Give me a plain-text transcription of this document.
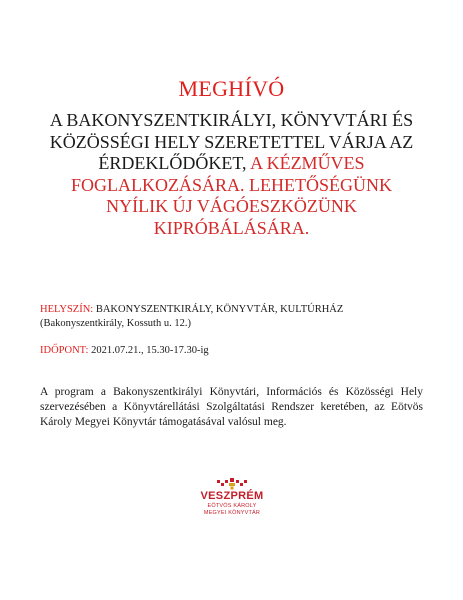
MEGHÍVÓ
A BAKONYSZENTKIRÁLYI, KÖNYVTÁRI ÉS KÖZÖSSÉGI HELY SZERETETTEL VÁRJA AZ ÉRDEKLŐDŐKET, A KÉZMŰVES FOGLALKOZÁSÁRA. LEHETŐSÉGÜNK NYÍLIK ÚJ VÁGÓESZKÖZÜNK KIPRÓBÁLÁSÁRA.
HELYSZÍN: BAKONYSZENTKIRÁLY, KÖNYVTÁR, KULTÚRHÁZ
(Bakonyszentkirály, Kossuth u. 12.)
IDŐPONT: 2021.07.21., 15.30-17.30-ig
A program a Bakonyszentkirályi Könyvtári, Információs és Közösségi Hely szervezésében a Könyvtárellátási Szolgáltatási Rendszer keretében, az Eötvös Károly Megyei Könyvtár támogatásával valósul meg.
VESZPRÉM
EÖTVÖS KÁROLY
MEGYEI KÖNYVTÁR
